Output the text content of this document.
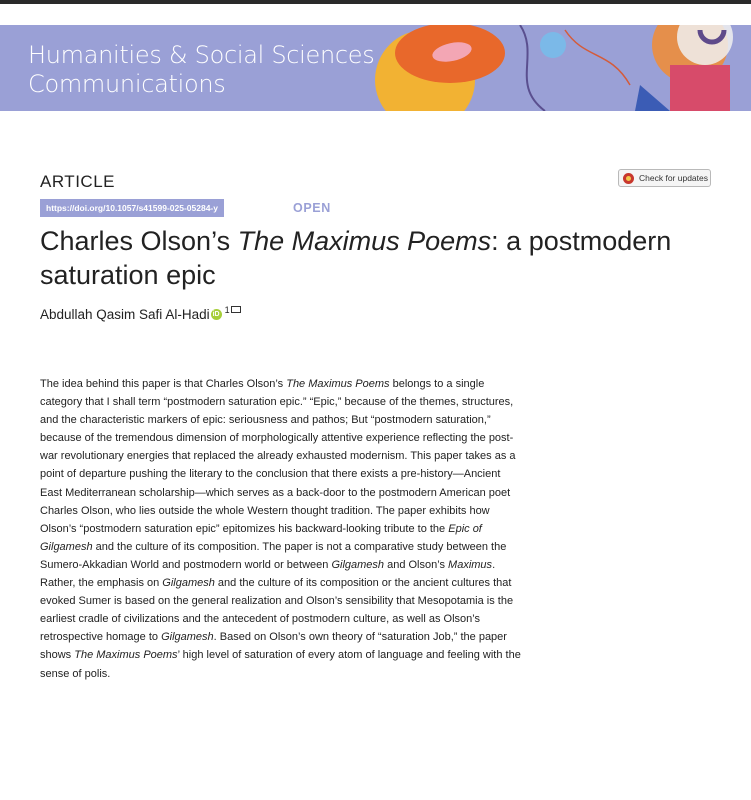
Humanities & Social Sciences
Communications
ARTICLE	Check for updates
https://doi.org/10.1057/s41599-025-05284-y	OPEN
Charles Olson’s The Maximus Poems: a postmodern saturation epic
Abdullah Qasim Safi Al-Hadi iD 1

The idea behind this paper is that Charles Olson’s The Maximus Poems belongs to a single category that I shall term “postmodern saturation epic.” “Epic,” because of the themes, structures, and the characteristic markers of epic: seriousness and pathos; But “postmodern saturation,” because of the tremendous dimension of morphologically attentive experience reflecting the post-war revolutionary energies that replaced the already exhausted modernism. This paper takes as a point of departure pushing the literary to the conclusion that there exists a pre-history—Ancient East Mediterranean scholarship—which serves as a back-door to the postmodern American poet Charles Olson, who lies outside the whole Western thought tradition. The paper exhibits how Olson’s “postmodern saturation epic” epitomizes his backward-looking tribute to the Epic of Gilgamesh and the culture of its composition. The paper is not a comparative study between the Sumero-Akkadian World and postmodern world or between Gilgamesh and Olson’s Maximus. Rather, the emphasis on Gilgamesh and the culture of its composition or the ancient cultures that evoked Sumer is based on the general realization and Olson’s sensibility that Mesopotamia is the earliest cradle of civilizations and the antecedent of postmodern culture, as well as Olson’s retrospective homage to Gilgamesh. Based on Olson’s own theory of “saturation Job,” the paper shows The Maximus Poems’ high level of saturation of every atom of language and feeling with the sense of polis.
